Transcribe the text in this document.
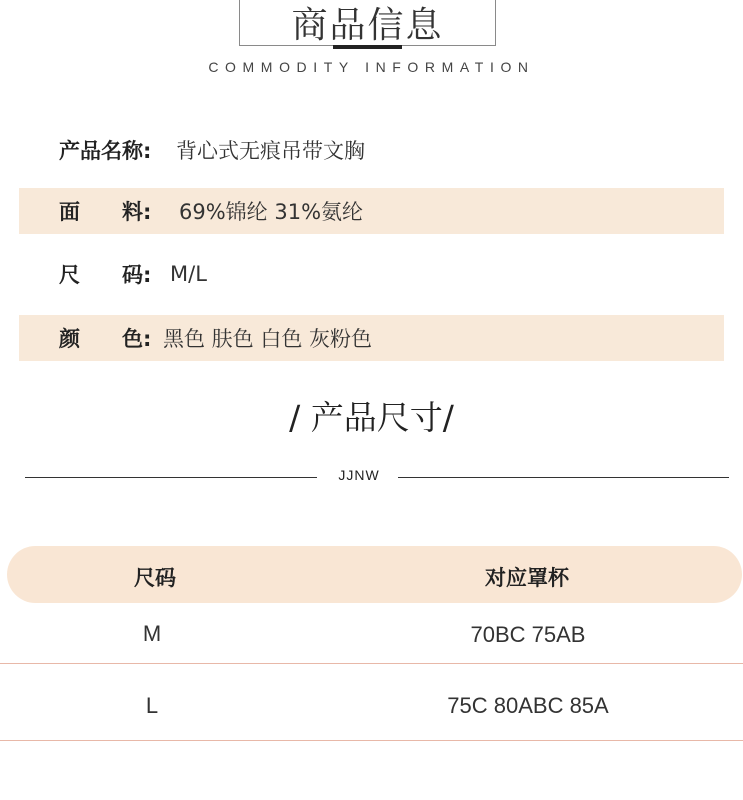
商品信息
COMMODITY INFORMATION
产品名称: 背心式无痕吊带文胸
面　　料: 69%锦纶 31%氨纶
尺　　码: M/L
颜　　色: 黑色 肤色 白色 灰粉色
/ 产品尺寸/
JJNW
尺码	对应罩杯
M	70BC 75AB
L	75C 80ABC 85A
